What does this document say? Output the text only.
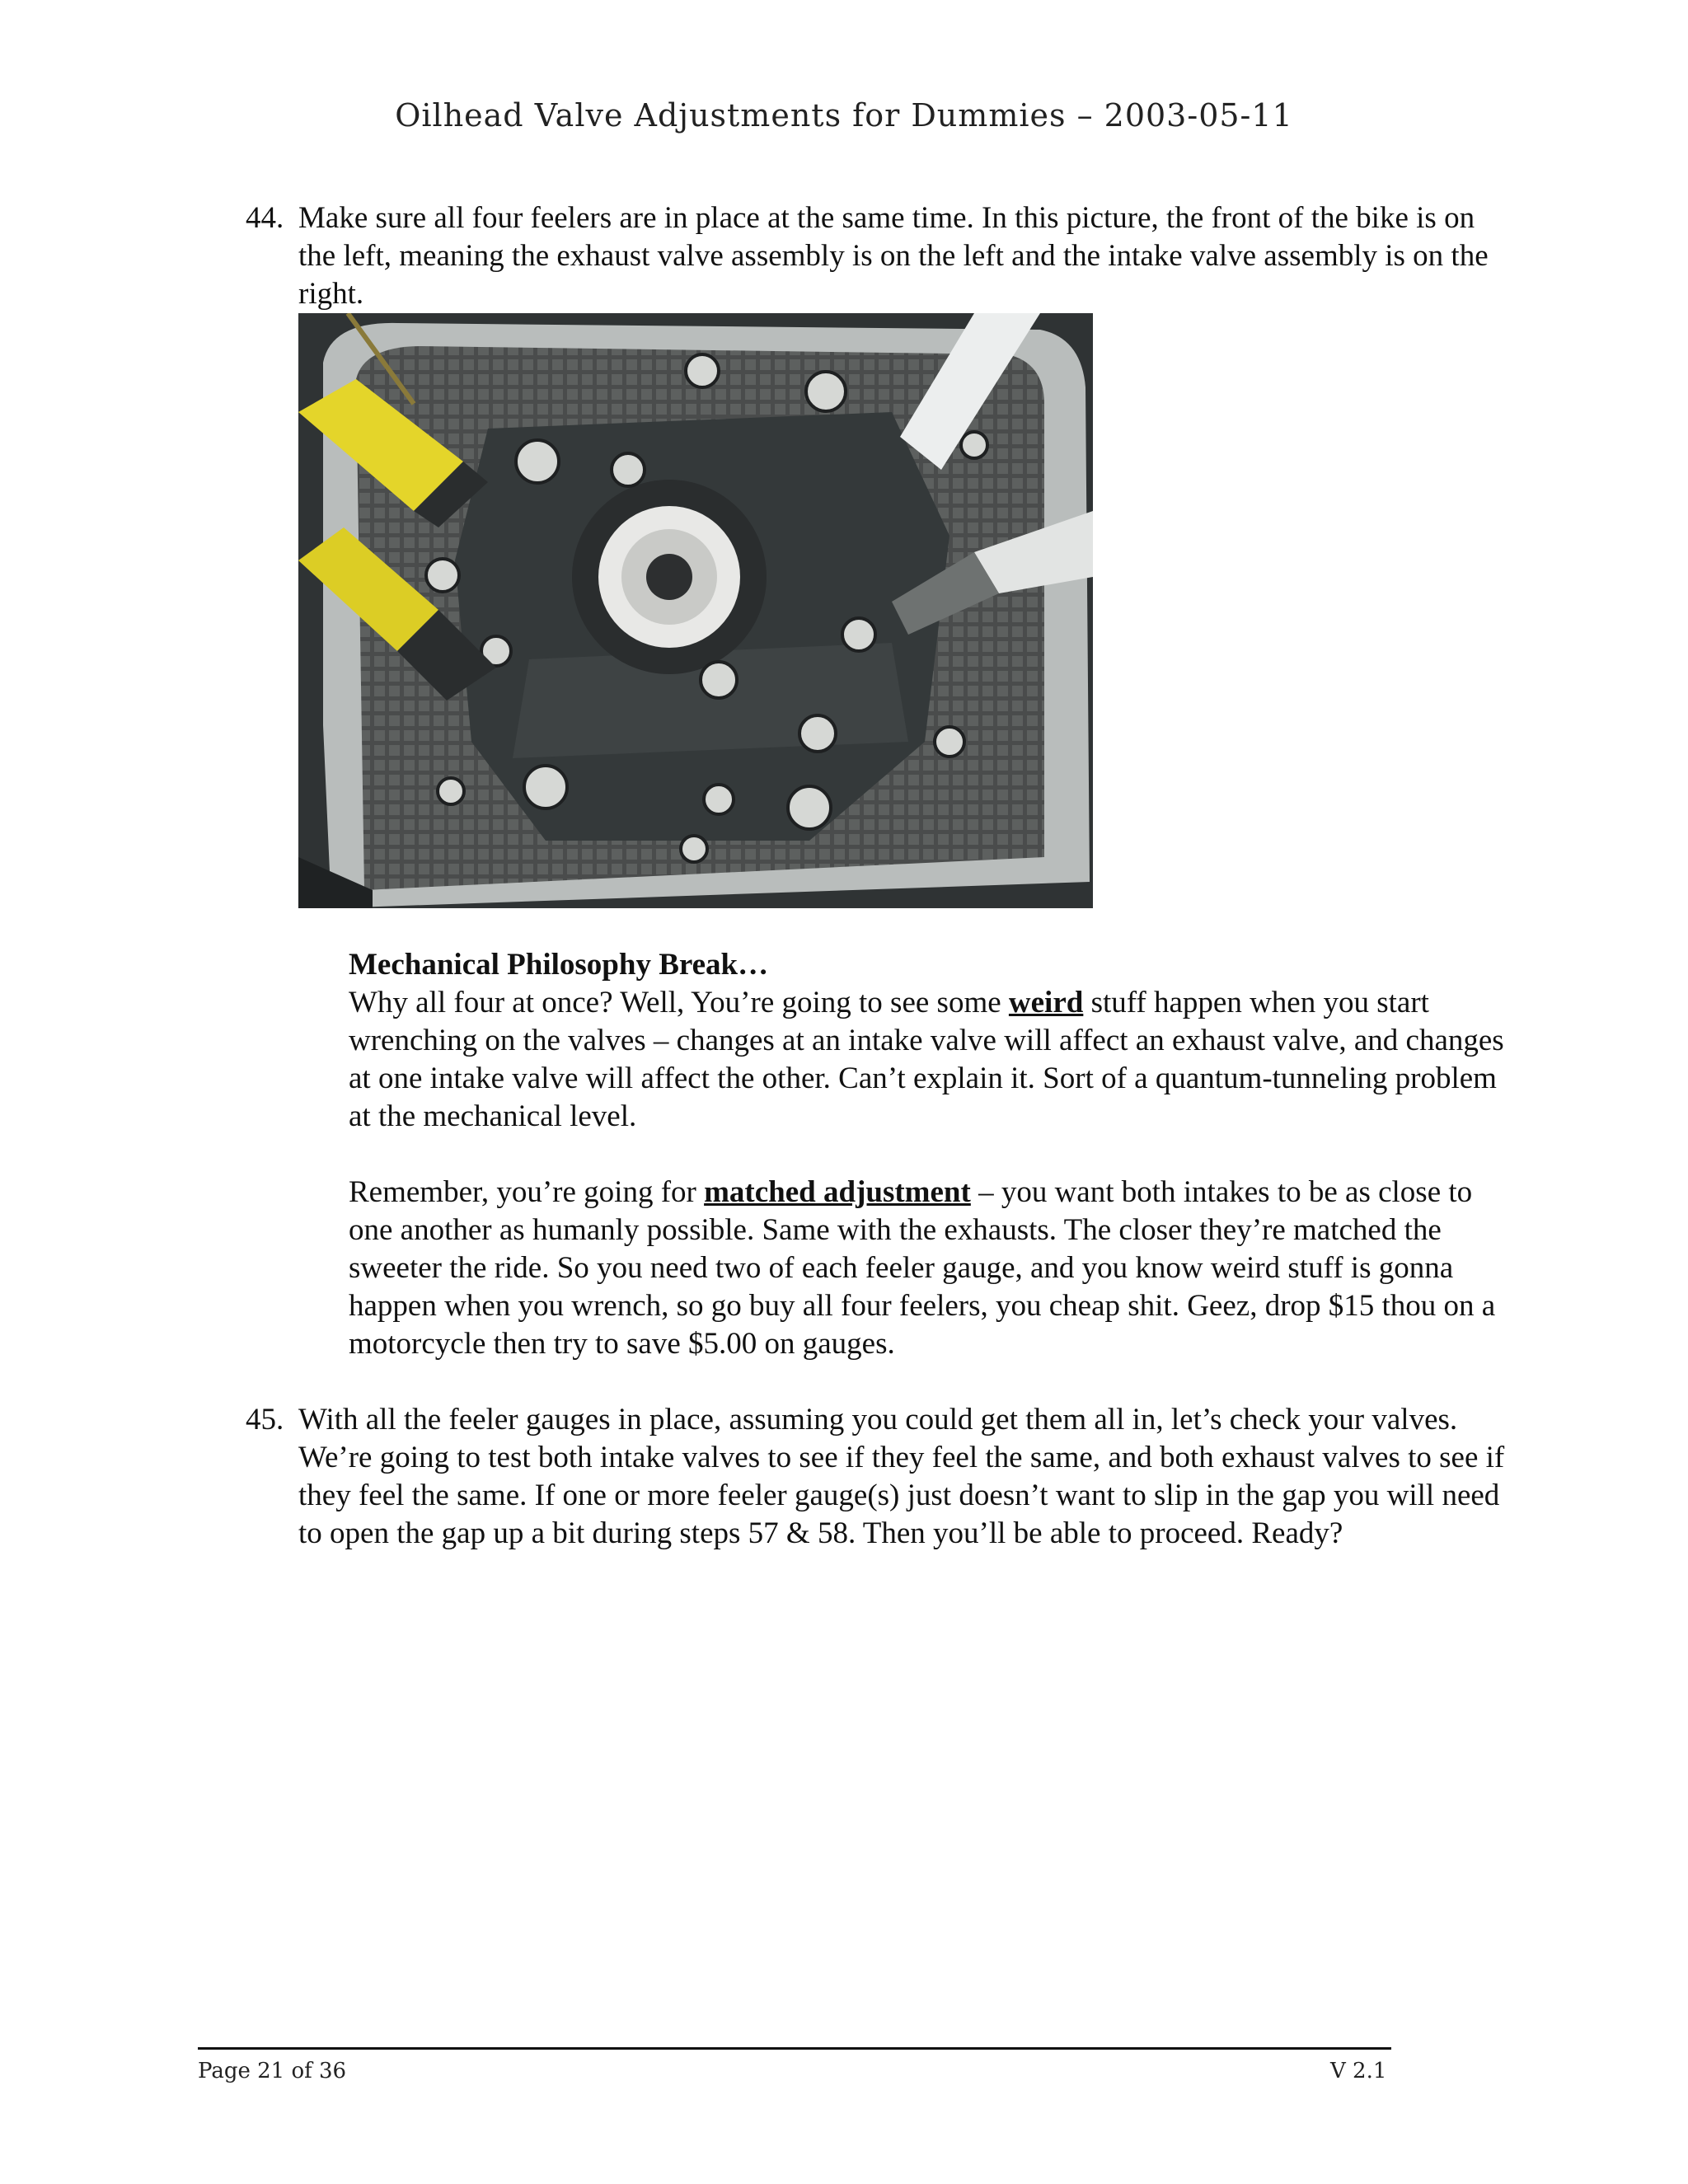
Oilhead Valve Adjustments for Dummies – 2003-05-11
44. Make sure all four feelers are in place at the same time. In this picture, the front of the bike is on the left, meaning the exhaust valve assembly is on the left and the intake valve assembly is on the right.
Mechanical Philosophy Break…

Why all four at once? Well, You’re going to see some weird stuff happen when you start wrenching on the valves – changes at an intake valve will affect an exhaust valve, and changes at one intake valve will affect the other. Can’t explain it. Sort of a quantum-tunneling problem at the mechanical level.

Remember, you’re going for matched adjustment – you want both intakes to be as close to one another as humanly possible. Same with the exhausts. The closer they’re matched the sweeter the ride. So you need two of each feeler gauge, and you know weird stuff is gonna happen when you wrench, so go buy all four feelers, you cheap shit. Geez, drop $15 thou on a motorcycle then try to save $5.00 on gauges.

45. With all the feeler gauges in place, assuming you could get them all in, let’s check your valves. We’re going to test both intake valves to see if they feel the same, and both exhaust valves to see if they feel the same. If one or more feeler gauge(s) just doesn’t want to slip in the gap you will need to open the gap up a bit during steps 57 & 58. Then you’ll be able to proceed. Ready?
Page 21 of 36	V 2.1
